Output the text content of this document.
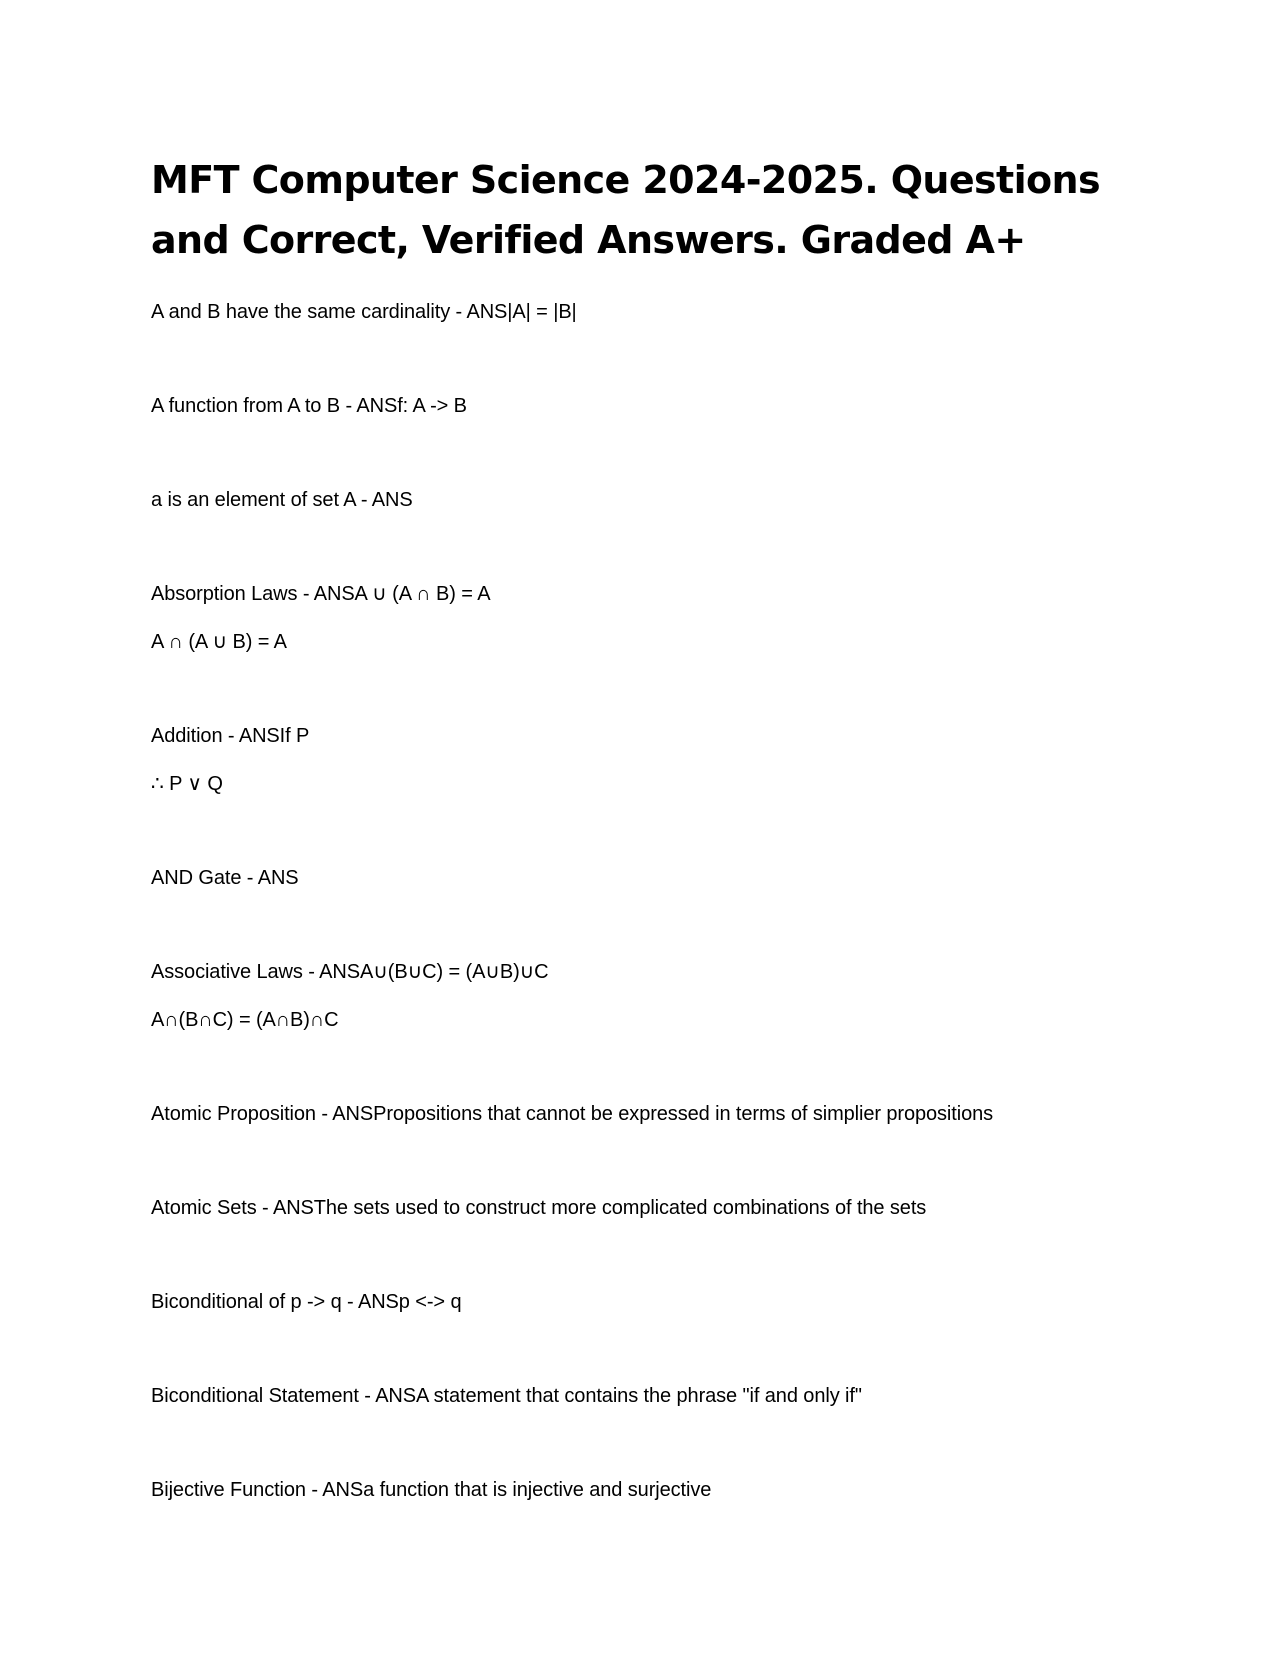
MFT Computer Science 2024-2025. Questions and Correct, Verified Answers. Graded A+
A and B have the same cardinality - ANS|A| = |B|
A function from A to B - ANSf: A -> B
a is an element of set A - ANS
Absorption Laws - ANSA ∪ (A ∩ B) = A
A ∩ (A ∪ B) = A
Addition - ANSIf P
∴ P ∨ Q
AND Gate - ANS
Associative Laws - ANSA∪(B∪C) = (A∪B)∪C
A∩(B∩C) = (A∩B)∩C
Atomic Proposition - ANSPropositions that cannot be expressed in terms of simplier propositions
Atomic Sets - ANSThe sets used to construct more complicated combinations of the sets
Biconditional of p -> q - ANSp <-> q
Biconditional Statement - ANSA statement that contains the phrase "if and only if"
Bijective Function - ANSa function that is injective and surjective
